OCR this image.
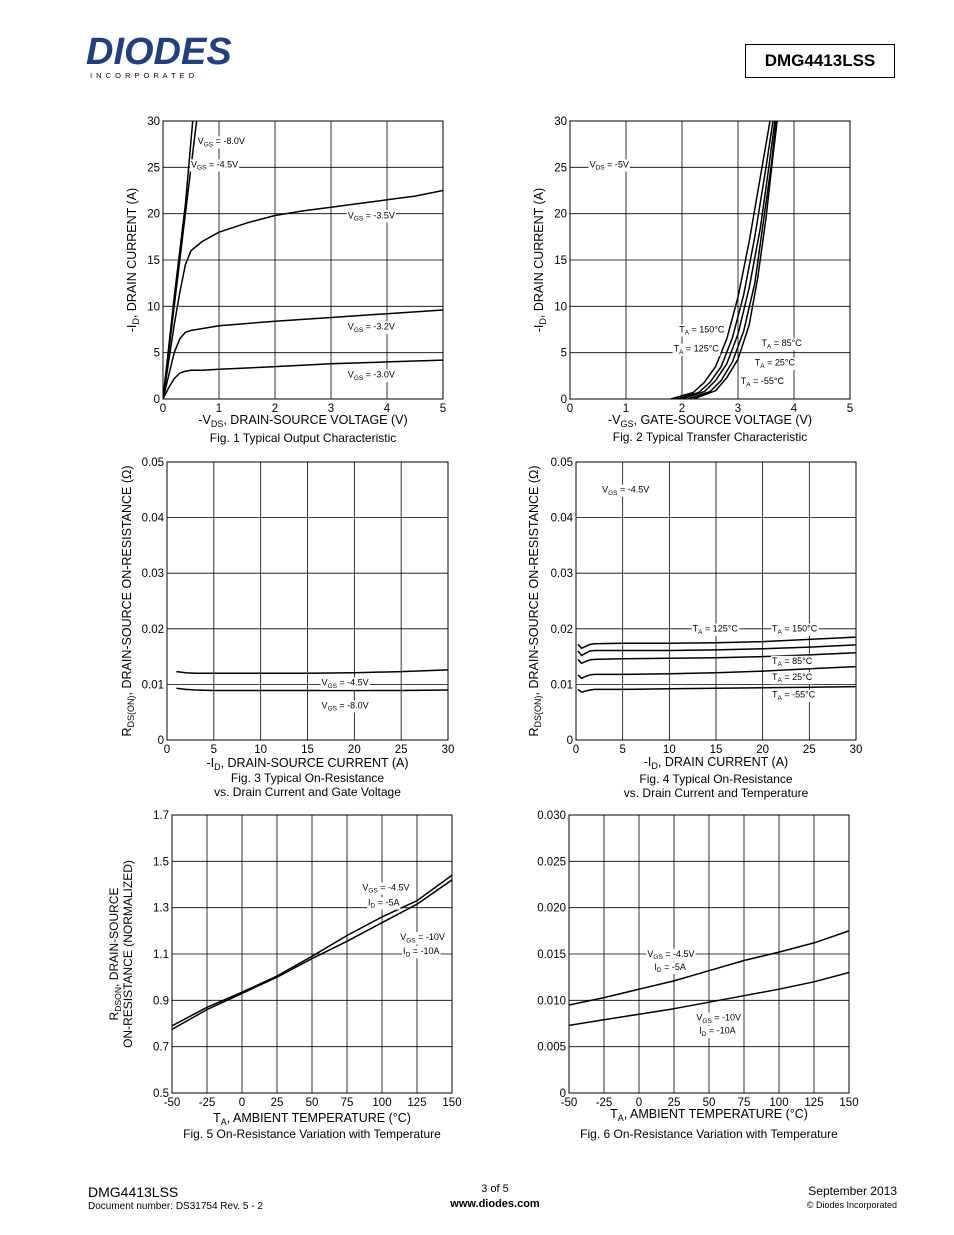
DIODES
I N C O R P O R A T E D
DMG4413LSS
0	1	2	3	4	5
0
5
10
15
20
25
30
VGS = -8.0V
VGS = -4.5V
VGS = -3.5V
VGS = -3.2V
VGS = -3.0V
-VDS, DRAIN-SOURCE VOLTAGE (V)
-ID, DRAIN CURRENT (A)
Fig. 1 Typical Output Characteristic
0	1	2	3	4	5
0
5
10
15
20
25
30
VDS = -5V
TA = 150°C
TA = 125°C
TA = 85°C
TA = 25°C
TA = -55°C
-VGS, GATE-SOURCE VOLTAGE (V)
-ID, DRAIN CURRENT (A)
Fig. 2 Typical Transfer Characteristic
0	5	10	15	20	25	30
0
0.01
0.02
0.03
0.04
0.05
VGS = -4.5V
VGS = -8.0V
-ID, DRAIN-SOURCE CURRENT (A)
RDS(ON), DRAIN-SOURCE ON-RESISTANCE (Ω)
Fig. 3 Typical On-Resistance
vs. Drain Current and Gate Voltage
0	5	10	15	20	25	30
0
0.01
0.02
0.03
0.04
0.05
VGS = -4.5V
TA = 125°C	TA = 150°C
TA = 85°C
TA = 25°C
TA = -55°C
-ID, DRAIN CURRENT (A)
RDS(ON), DRAIN-SOURCE ON-RESISTANCE (Ω)
Fig. 4 Typical On-Resistance
vs. Drain Current and Temperature
-50 -25 0 25 50 75 100 125 150
0.5
0.7
0.9
1.1
1.3
1.5
1.7
VGS = -4.5V
ID = -5A
VGS = -10V
ID = -10A
TA, AMBIENT TEMPERATURE (°C)
RDSON, DRAIN-SOURCEON-RESISTANCE (NORMALIZED)
Fig. 5 On-Resistance Variation with Temperature
-50 -25 0 25 50 75 100 125 150
0
0.005
0.010
0.015
0.020
0.025
0.030
VGS = -4.5V
ID = -5A
VGS = -10V
ID = -10A
TA, AMBIENT TEMPERATURE (°C)
Fig. 6 On-Resistance Variation with Temperature
DMG4413LSS
Document number: DS31754 Rev. 5 - 2
3 of 5
www.diodes.com
September 2013
© Diodes Incorporated
